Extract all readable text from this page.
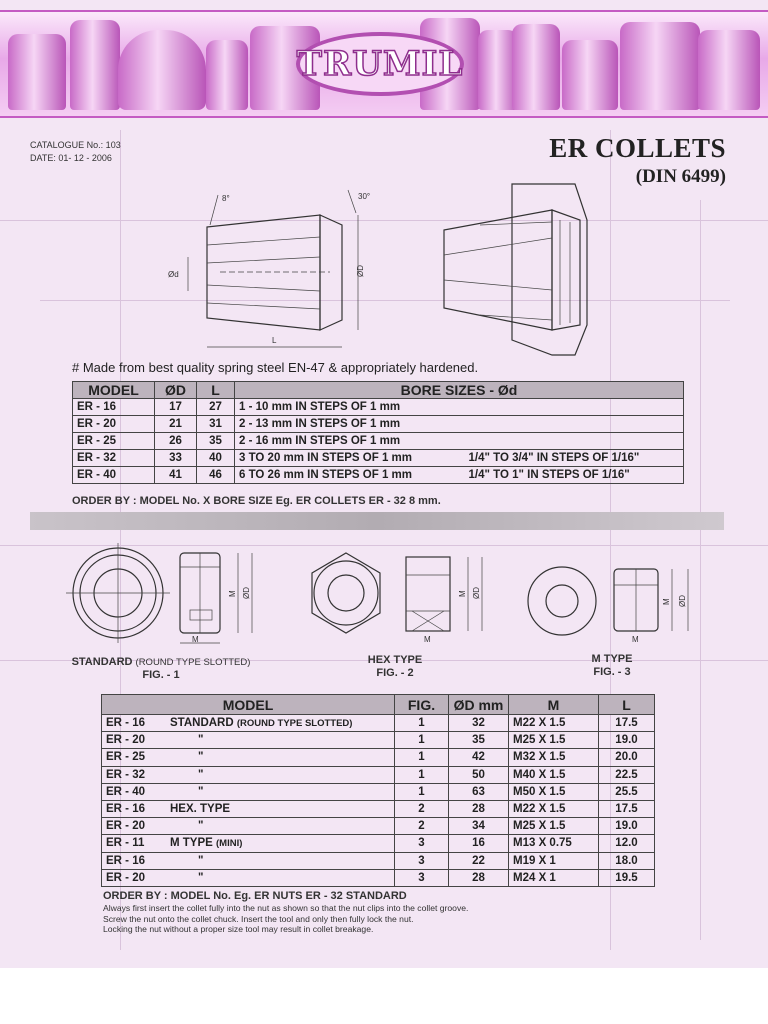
TRUMIL
CATALOGUE No.: 103
DATE: 01- 12 - 2006	ER COLLETS
(DIN 6499)
8°	30°
Ød	ØD
L
# Made from best quality spring steel EN-47 & appropriately hardened.
MODEL	ØD	L	BORE SIZES - Ød	
ER - 16	17	27	1 - 10 mm IN STEPS OF 1 mm	
ER - 20	21	31	2 - 13 mm IN STEPS OF 1 mm	
ER - 25	26	35	2 - 16 mm IN STEPS OF 1 mm	
ER - 32	33	40	3 TO 20 mm IN STEPS OF 1 mm	1/4" TO 3/4" IN STEPS OF 1/16"
ER - 40	41	46	6 TO 26 mm IN STEPS OF 1 mm	1/4" TO 1" IN STEPS OF 1/16"
ORDER BY : MODEL No. X BORE SIZE Eg. ER COLLETS ER - 32 8 mm.
M
M ØD
M
M ØD
M
M ØD
STANDARD (ROUND TYPE SLOTTED)
FIG. - 1
HEX TYPE
FIG. - 2
M TYPE
FIG. - 3
MODEL	FIG.	ØD mm	M	L
ER - 16 STANDARD (ROUND TYPE SLOTTED)	1	32	M22 X 1.5	17.5
ER - 20 "	1	35	M25 X 1.5	19.0
ER - 25 "	1	42	M32 X 1.5	20.0
ER - 32 "	1	50	M40 X 1.5	22.5
ER - 40 "	1	63	M50 X 1.5	25.5
ER - 16 HEX. TYPE	2	28	M22 X 1.5	17.5
ER - 20 "	2	34	M25 X 1.5	19.0
ER - 11 M TYPE (MINI)	3	16	M13 X 0.75	12.0
ER - 16 "	3	22	M19 X 1	18.0
ER - 20 "	3	28	M24 X 1	19.5
ORDER BY : MODEL No. Eg. ER NUTS ER - 32 STANDARD
Always first insert the collet fully into the nut as shown so that the nut clips into the collet groove.
Screw the nut onto the collet chuck. Insert the tool and only then fully lock the nut.
Locking the nut without a proper size tool may result in collet breakage.
